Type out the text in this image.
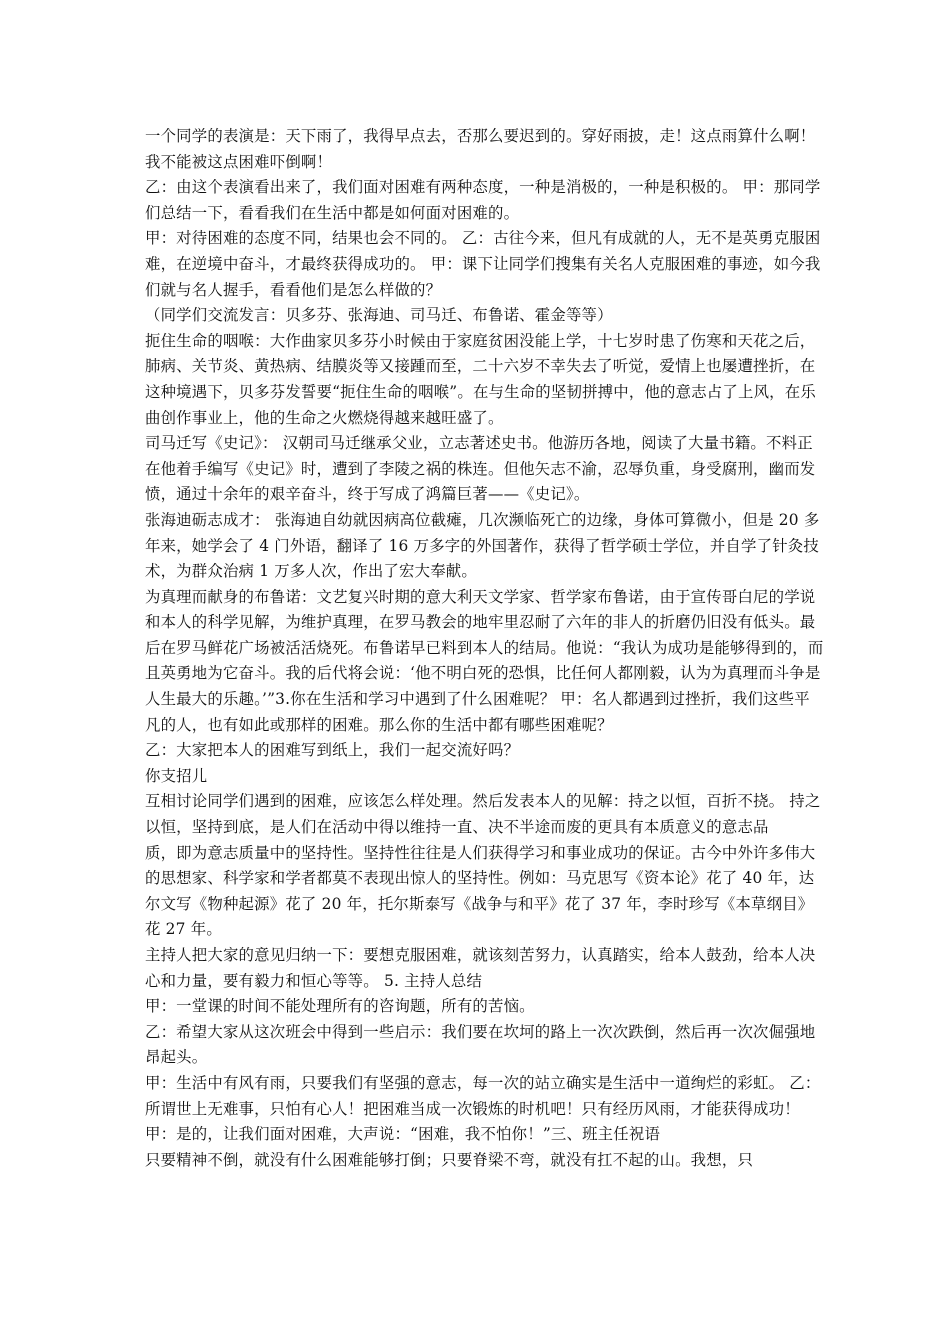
一个同学的表演是：天下雨了，我得早点去，否那么要迟到的。穿好雨披，走！这点雨算什么啊！我不能被这点困难吓倒啊！

乙：由这个表演看出来了，我们面对困难有两种态度，一种是消极的，一种是积极的。 甲：那同学们总结一下，看看我们在生活中都是如何面对困难的。

甲：对待困难的态度不同，结果也会不同的。 乙：古往今来，但凡有成就的人，无不是英勇克服困难，在逆境中奋斗，才最终获得成功的。 甲：课下让同学们搜集有关名人克服困难的事迹，如今我们就与名人握手，看看他们是怎么样做的？

（同学们交流发言：贝多芬、张海迪、司马迁、布鲁诺、霍金等等）

扼住生命的咽喉：大作曲家贝多芬小时候由于家庭贫困没能上学，十七岁时患了伤寒和天花之后，肺病、关节炎、黄热病、结膜炎等又接踵而至，二十六岁不幸失去了听觉，爱情上也屡遭挫折，在这种境遇下，贝多芬发誓要“扼住生命的咽喉”。在与生命的坚韧拼搏中，他的意志占了上风，在乐曲创作事业上，他的生命之火燃烧得越来越旺盛了。

司马迁写《史记》： 汉朝司马迁继承父业，立志著述史书。他游历各地，阅读了大量书籍。不料正在他着手编写《史记》时，遭到了李陵之祸的株连。但他矢志不渝，忍辱负重，身受腐刑，幽而发愤，通过十余年的艰辛奋斗，终于写成了鸿篇巨著——《史记》。

张海迪砺志成才： 张海迪自幼就因病高位截瘫，几次濒临死亡的边缘，身体可算微小，但是 20 多年来，她学会了 4 门外语，翻译了 16 万多字的外国著作，获得了哲学硕士学位，并自学了针灸技术，为群众治病 1 万多人次，作出了宏大奉献。

为真理而献身的布鲁诺：文艺复兴时期的意大利天文学家、哲学家布鲁诺，由于宣传哥白尼的学说和本人的科学见解，为维护真理，在罗马教会的地牢里忍耐了六年的非人的折磨仍旧没有低头。最后在罗马鲜花广场被活活烧死。布鲁诺早已料到本人的结局。他说：“我认为成功是能够得到的，而且英勇地为它奋斗。我的后代将会说：‘他不明白死的恐惧，比任何人都刚毅，认为为真理而斗争是人生最大的乐趣。’”3.你在生活和学习中遇到了什么困难呢？ 甲：名人都遇到过挫折，我们这些平凡的人，也有如此或那样的困难。那么你的生活中都有哪些困难呢？

乙：大家把本人的困难写到纸上，我们一起交流好吗？

你支招儿

互相讨论同学们遇到的困难，应该怎么样处理。然后发表本人的见解：持之以恒，百折不挠。 持之以恒，坚持到底，是人们在活动中得以维持一直、决不半途而废的更具有本质意义的意志品

质，即为意志质量中的坚持性。坚持性往往是人们获得学习和事业成功的保证。古今中外许多伟大的思想家、科学家和学者都莫不表现出惊人的坚持性。例如：马克思写《资本论》花了 40 年，达尔文写《物种起源》花了 20 年，托尔斯泰写《战争与和平》花了 37 年，李时珍写《本草纲目》花 27 年。

主持人把大家的意见归纳一下：要想克服困难，就该刻苦努力，认真踏实，给本人鼓劲，给本人决心和力量，要有毅力和恒心等等。 5. 主持人总结

甲：一堂课的时间不能处理所有的咨询题，所有的苦恼。

乙：希望大家从这次班会中得到一些启示：我们要在坎坷的路上一次次跌倒，然后再一次次倔强地昂起头。

甲：生活中有风有雨，只要我们有坚强的意志，每一次的站立确实是生活中一道绚烂的彩虹。 乙：所谓世上无难事，只怕有心人！把困难当成一次锻炼的时机吧！只有经历风雨，才能获得成功！

甲：是的，让我们面对困难，大声说：“困难，我不怕你！”三、班主任祝语

只要精神不倒，就没有什么困难能够打倒；只要脊梁不弯，就没有扛不起的山。我想，只
